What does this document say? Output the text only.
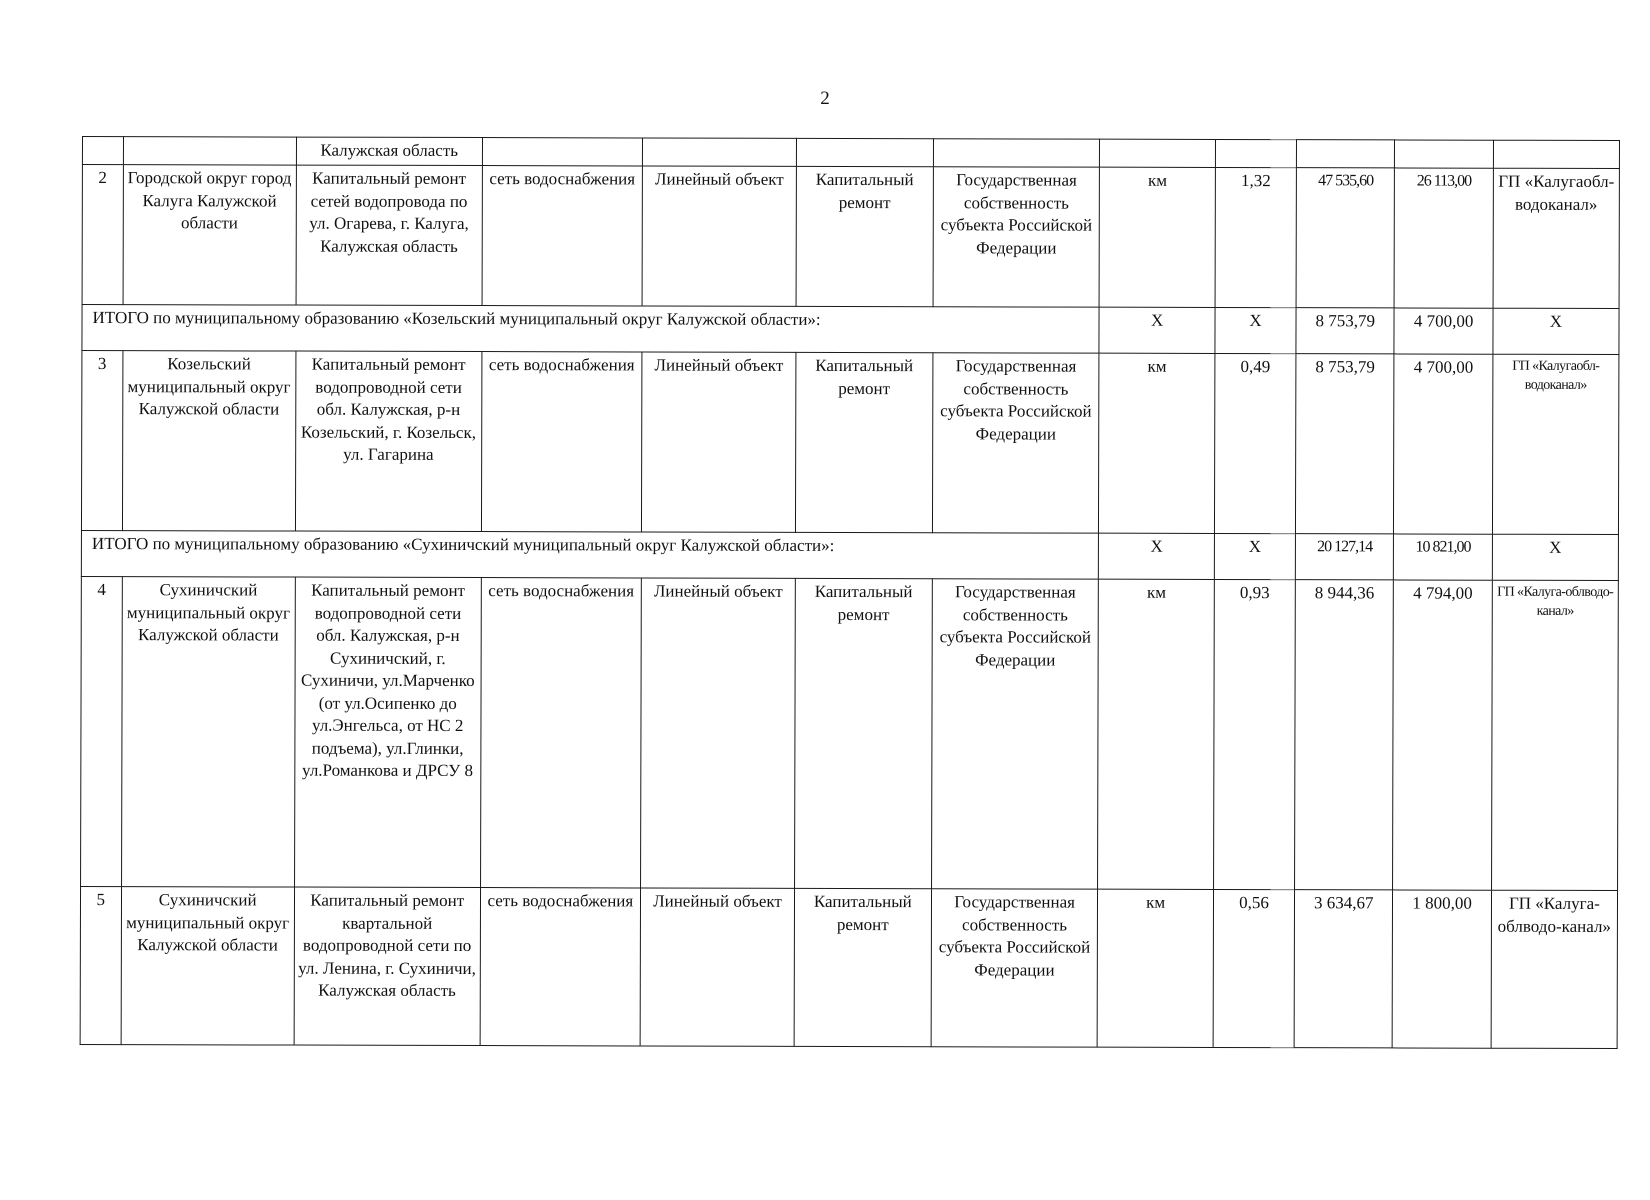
2
		Калужская область									
2	Городской округ город Калуга Калужской области	Капитальный ремонт сетей водопровода по ул. Огарева, г. Калуга, Калужская область	сеть водоснабжения	Линейный объект	Капитальный ремонт	Государственная собственность субъекта Российской Федерации	км	1,32	47 535,60	26 113,00	ГП «Калугаобл-водоканал»
ИТОГО по муниципальному образованию «Козельский муниципальный округ Калужской области»:							Х	Х	8 753,79	4 700,00	Х
3	Козельский муниципальный округ Калужской области	Капитальный ремонт водопроводной сети обл. Калужская, р-н Козельский, г. Козельск, ул. Гагарина	сеть водоснабжения	Линейный объект	Капитальный ремонт	Государственная собственность субъекта Российской Федерации	км	0,49	8 753,79	4 700,00	ГП «Калугаобл-водоканал»
ИТОГО по муниципальному образованию «Сухиничский муниципальный округ Калужской области»:							Х	Х	20 127,14	10 821,00	Х
4	Сухиничский муниципальный округ Калужской области	Капитальный ремонт водопроводной сети обл. Калужская, р-н Сухиничский, г. Сухиничи, ул.Марченко (от ул.Осипенко до ул.Энгельса, от НС 2 подъема), ул.Глинки, ул.Романкова и ДРСУ 8	сеть водоснабжения	Линейный объект	Капитальный ремонт	Государственная собственность субъекта Российской Федерации	км	0,93	8 944,36	4 794,00	ГП «Калуга-облводо-канал»
5	Сухиничский муниципальный округ Калужской области	Капитальный ремонт квартальной водопроводной сети по ул. Ленина, г. Сухиничи, Калужская область	сеть водоснабжения	Линейный объект	Капитальный ремонт	Государственная собственность субъекта Российской Федерации	км	0,56	3 634,67	1 800,00	ГП «Калуга-облводо-канал»
